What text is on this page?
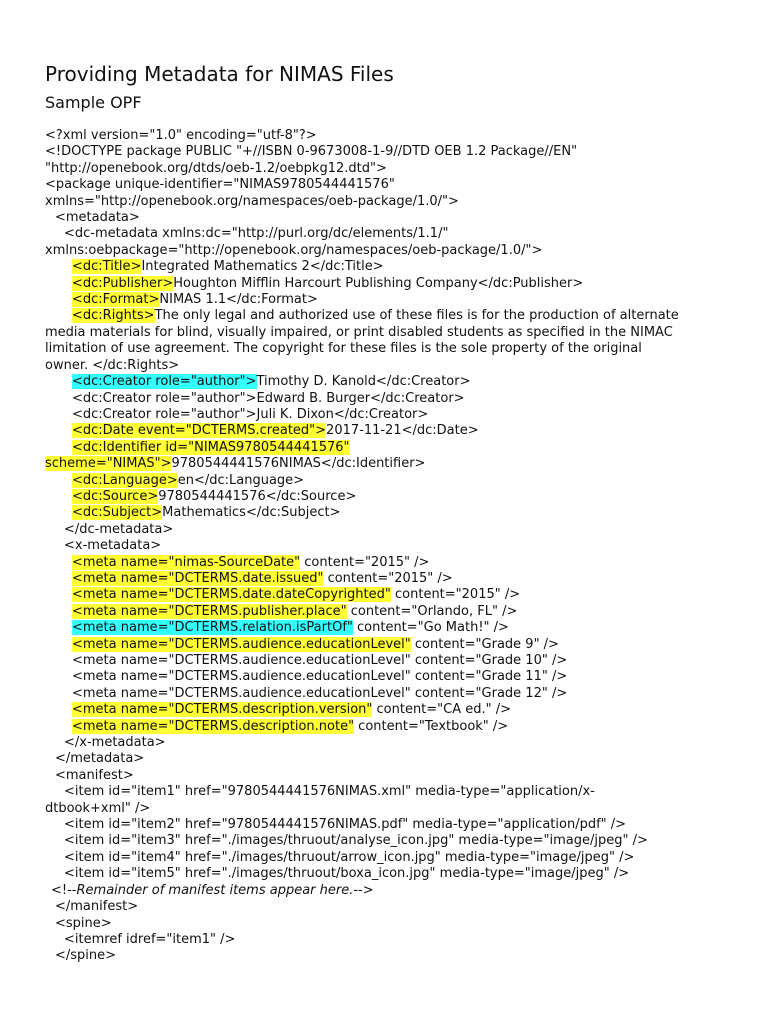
Providing Metadata for NIMAS Files
Sample OPF
<?xml version="1.0" encoding="utf-8"?>
<!DOCTYPE package PUBLIC "+//ISBN 0-9673008-1-9//DTD OEB 1.2 Package//EN"
"http://openebook.org/dtds/oeb-1.2/oebpkg12.dtd">
<package unique-identifier="NIMAS9780544441576"
xmlns="http://openebook.org/namespaces/oeb-package/1.0/">
<metadata>
<dc-metadata xmlns:dc="http://purl.org/dc/elements/1.1/"
xmlns:oebpackage="http://openebook.org/namespaces/oeb-package/1.0/">
<dc:Title>Integrated Mathematics 2</dc:Title>
<dc:Publisher>Houghton Mifflin Harcourt Publishing Company</dc:Publisher>
<dc:Format>NIMAS 1.1</dc:Format>
<dc:Rights>The only legal and authorized use of these files is for the production of alternate
media materials for blind, visually impaired, or print disabled students as specified in the NIMAC
limitation of use agreement. The copyright for these files is the sole property of the original
owner. </dc:Rights>
<dc:Creator role="author">Timothy D. Kanold</dc:Creator>
<dc:Creator role="author">Edward B. Burger</dc:Creator>
<dc:Creator role="author">Juli K. Dixon</dc:Creator>
<dc:Date event="DCTERMS.created">2017-11-21</dc:Date>
<dc:Identifier id="NIMAS9780544441576"
scheme="NIMAS">9780544441576NIMAS</dc:Identifier>
<dc:Language>en</dc:Language>
<dc:Source>9780544441576</dc:Source>
<dc:Subject>Mathematics</dc:Subject>
</dc-metadata>
<x-metadata>
<meta name="nimas-SourceDate" content="2015" />
<meta name="DCTERMS.date.issued" content="2015" />
<meta name="DCTERMS.date.dateCopyrighted" content="2015" />
<meta name="DCTERMS.publisher.place" content="Orlando, FL" />
<meta name="DCTERMS.relation.isPartOf" content="Go Math!" />
<meta name="DCTERMS.audience.educationLevel" content="Grade 9" />
<meta name="DCTERMS.audience.educationLevel" content="Grade 10" />
<meta name="DCTERMS.audience.educationLevel" content="Grade 11" />
<meta name="DCTERMS.audience.educationLevel" content="Grade 12" />
<meta name="DCTERMS.description.version" content="CA ed." />
<meta name="DCTERMS.description.note" content="Textbook" />
</x-metadata>
</metadata>
<manifest>
<item id="item1" href="9780544441576NIMAS.xml" media-type="application/x-
dtbook+xml" />
<item id="item2" href="9780544441576NIMAS.pdf" media-type="application/pdf" />
<item id="item3" href="./images/thruout/analyse_icon.jpg" media-type="image/jpeg" />
<item id="item4" href="./images/thruout/arrow_icon.jpg" media-type="image/jpeg" />
<item id="item5" href="./images/thruout/boxa_icon.jpg" media-type="image/jpeg" />
<!--Remainder of manifest items appear here.-->
</manifest>
<spine>
<itemref idref="item1" />
</spine>
